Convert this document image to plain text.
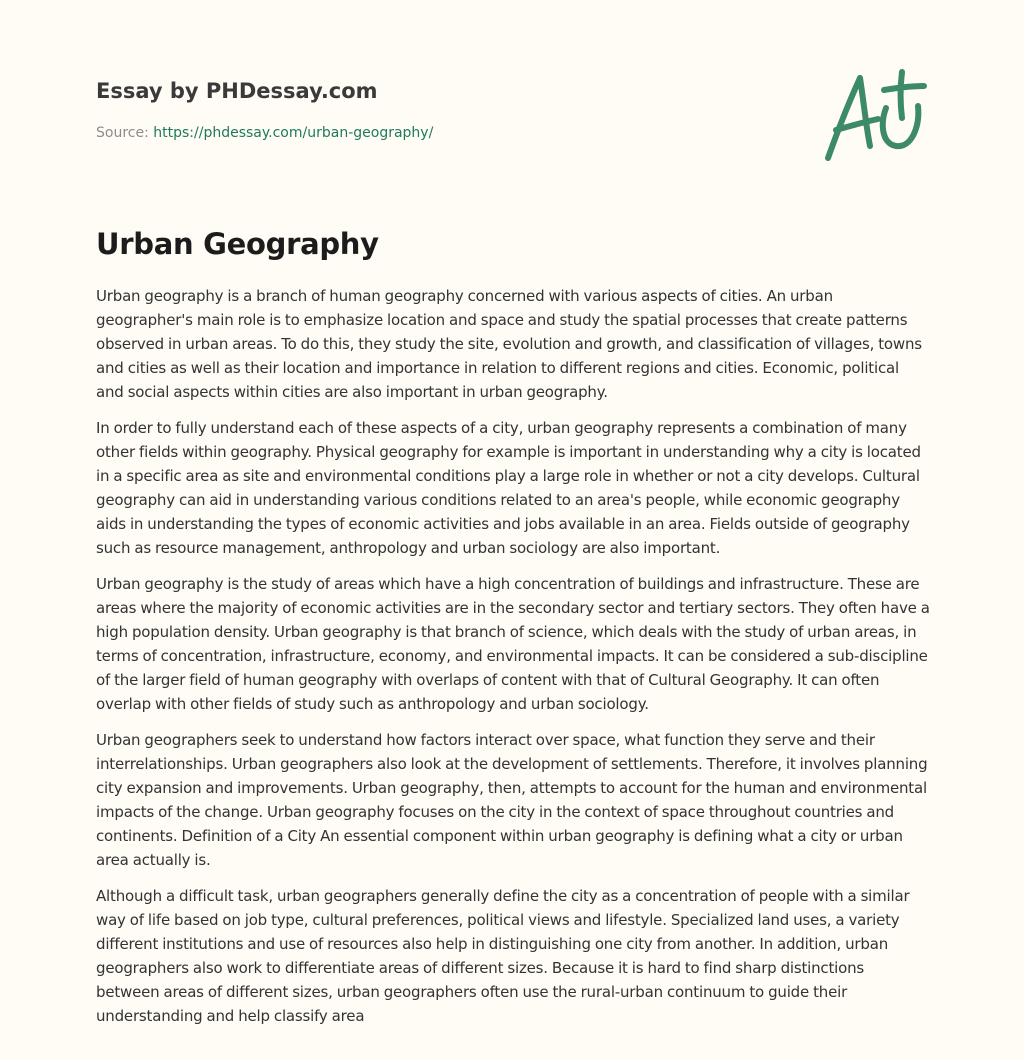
Essay by PHDessay.com

Source: https://phdessay.com/urban-geography/

Urban Geography

Urban geography is a branch of human geography concerned with various aspects of cities. An urban geographer's main role is to emphasize location and space and study the spatial processes that create patterns observed in urban areas. To do this, they study the site, evolution and growth, and classification of villages, towns and cities as well as their location and importance in relation to different regions and cities. Economic, political and social aspects within cities are also important in urban geography.

In order to fully understand each of these aspects of a city, urban geography represents a combination of many other fields within geography. Physical geography for example is important in understanding why a city is located in a specific area as site and environmental conditions play a large role in whether or not a city develops. Cultural geography can aid in understanding various conditions related to an area's people, while economic geography aids in understanding the types of economic activities and jobs available in an area. Fields outside of geography such as resource management, anthropology and urban sociology are also important.

Urban geography is the study of areas which have a high concentration of buildings and infrastructure. These are areas where the majority of economic activities are in the secondary sector and tertiary sectors. They often have a high population density. Urban geography is that branch of science, which deals with the study of urban areas, in terms of concentration, infrastructure, economy, and environmental impacts. It can be considered a sub-discipline of the larger field of human geography with overlaps of content with that of Cultural Geography. It can often overlap with other fields of study such as anthropology and urban sociology.

Urban geographers seek to understand how factors interact over space, what function they serve and their interrelationships. Urban geographers also look at the development of settlements. Therefore, it involves planning city expansion and improvements. Urban geography, then, attempts to account for the human and environmental impacts of the change. Urban geography focuses on the city in the context of space throughout countries and continents. Definition of a City An essential component within urban geography is defining what a city or urban area actually is.

Although a difficult task, urban geographers generally define the city as a concentration of people with a similar way of life based on job type, cultural preferences, political views and lifestyle. Specialized land uses, a variety different institutions and use of resources also help in distinguishing one city from another. In addition, urban geographers also work to differentiate areas of different sizes. Because it is hard to find sharp distinctions between areas of different sizes, urban geographers often use the rural-urban continuum to guide their understanding and help classify area
